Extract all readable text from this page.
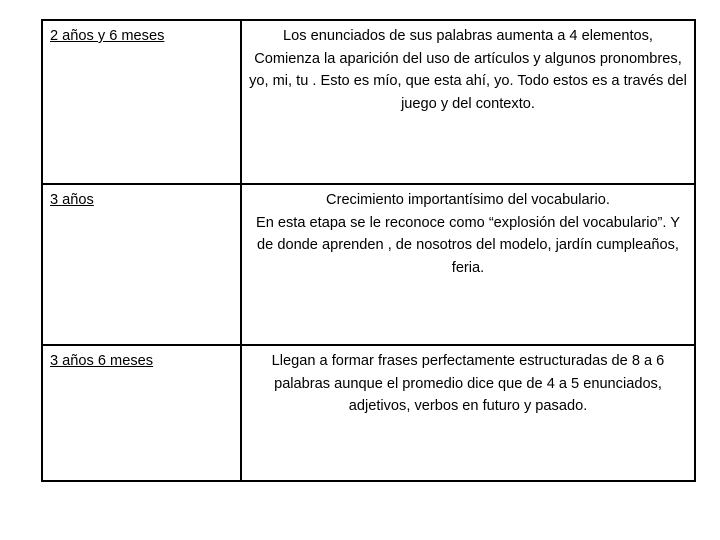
2 años y 6 meses	Los enunciados de sus palabras aumenta a 4 elementos,

Comienza la aparición del uso de artículos y algunos pronombres, yo, mi, tu . Esto es mío, que esta ahí, yo. Todo estos es a través del juego y del contexto.

3 años	Crecimiento importantísimo del vocabulario.

En esta etapa se le reconoce como “explosión del vocabulario”. Y de donde aprenden , de nosotros del modelo, jardín cumpleaños, feria.

3 años 6 meses	Llegan a formar frases perfectamente estructuradas de 8 a 6 palabras aunque el promedio dice que de 4 a 5 enunciados, adjetivos, verbos en futuro y pasado.
